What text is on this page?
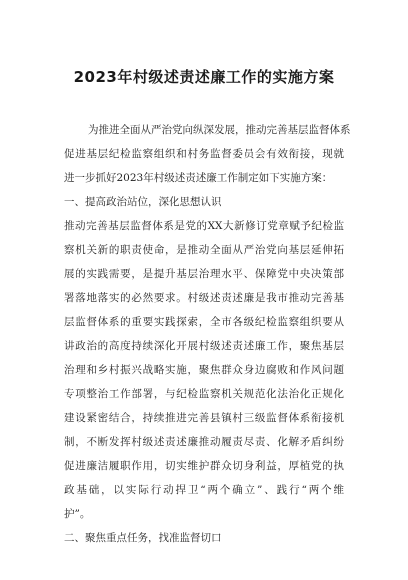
2023年村级述责述廉工作的实施方案
为推进全面从严治党向纵深发展，推动完善基层监督体系
促进基层纪检监察组织和村务监督委员会有效衔接，现就
进一步抓好2023年村级述责述廉工作制定如下实施方案：
一、提高政治站位，深化思想认识
推动完善基层监督体系是党的XX大新修订党章赋予纪检监
察机关新的职责使命，是推动全面从严治党向基层延伸拓
展的实践需要，是提升基层治理水平、保障党中央决策部
署落地落实的必然要求。村级述责述廉是我市推动完善基
层监督体系的重要实践探索，全市各级纪检监察组织要从
讲政治的高度持续深化开展村级述责述廉工作，聚焦基层
治理和乡村振兴战略实施，聚焦群众身边腐败和作风问题
专项整治工作部署，与纪检监察机关规范化法治化正规化
建设紧密结合，持续推进完善县镇村三级监督体系衔接机
制，不断发挥村级述责述廉推动履责尽责、化解矛盾纠纷
促进廉洁履职作用，切实维护群众切身利益，厚植党的执
政基础，以实际行动捍卫“两个确立”、践行“两个维
护”。
二、聚焦重点任务，找准监督切口
